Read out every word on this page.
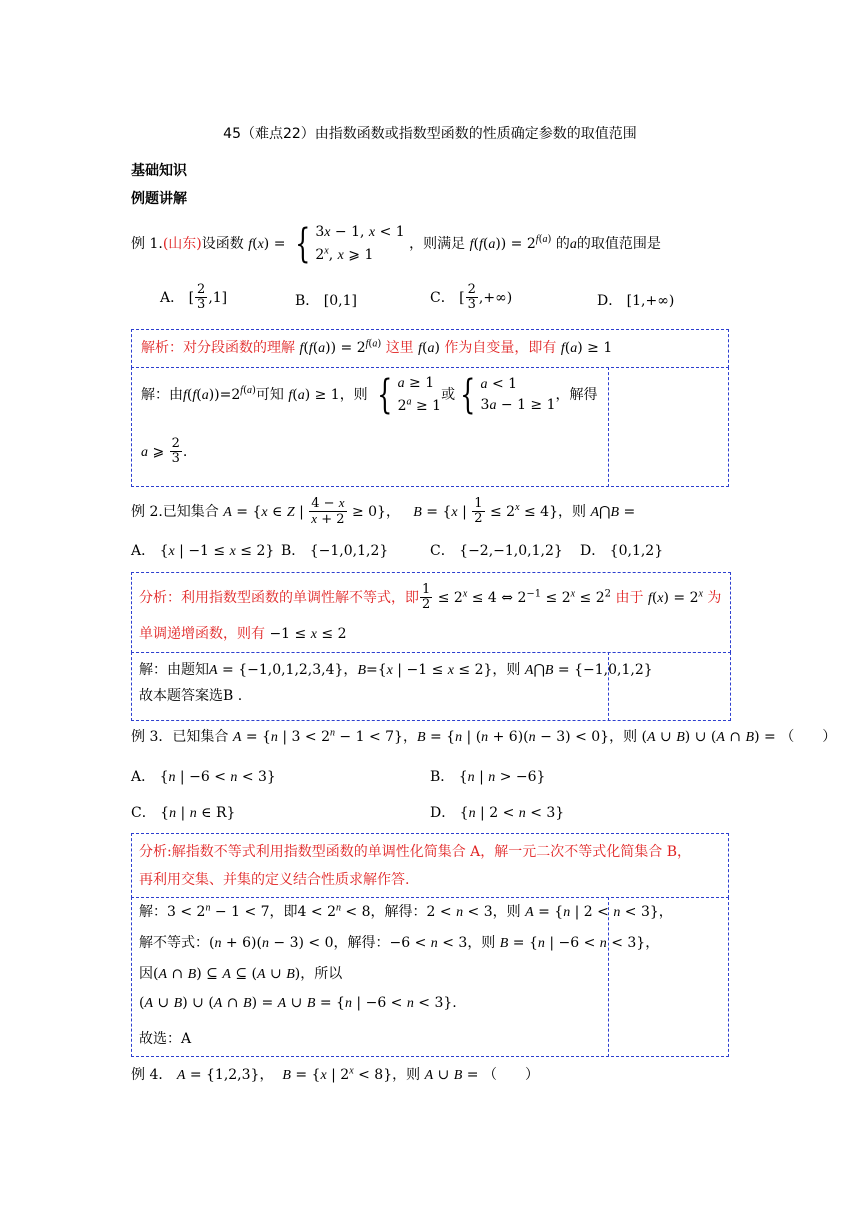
45（难点22）由指数函数或指数型函数的性质确定参数的取值范围
基础知识
例题讲解
例 1.(山东)设函数 f(x) = { 3x − 1, x < 1
2$^x$, x ⩾ 1 ，则满足 $f(f(a)) = 2^{f(a)}$ 的a的取值范围是
A． [ $\frac{2}{3} ,1$]	B． [0,1]	C． [ $\frac{2}{3}$ ,+∞)	D． [1,+∞)
解析：对分段函数的理解 $f(f(a)) = 2^{f(a)}$ 这里 f(a) 作为自变量，即有 f(a) ≥ 1
解：由$f(f(a))=2^{f(a)}$可知 f(a) ≥ 1，则 { a ≥ 1
$2^a \ge 1$或 { a < 1
3a − 1 ≥ 1，解得
a ⩾ $\frac{2}{3}$ .
例 2.已知集合 A = {x ∈ Z | $\frac{4 - x}{x + 2} \ge 0$}，   B = {x | $\frac{1}{2} \le 2^x \le 4$}，则 A⋂B =
A． {x | −1 ≤ x ≤ 2} B． {−1,0,1,2}	C． {−2,−1,0,1,2} D． {0,1,2}
分析：利用指数型函数的单调性解不等式，即 $\frac{1}{2} \le 2^x \le 4$ ⇔ $2^{-1} \le 2^x \le 2^2$ 由于 $f(x) = 2^x$ 为
单调递增函数，则有 −1 ≤ x ≤ 2
解：由题知A = {−1,0,1,2,3,4}，B={x | −1 ≤ x ≤ 2}，则 A⋂B = {−1,0,1,2}
故本题答案选B .
例 3．已知集合 A = {n | $3 < 2^n - 1 < 7$}，B = {n | (n + 6)(n − 3) < 0}，则 (A ∪ B) ∪ (A ∩ B) = （　　）
A． {n | −6 < n < 3}	B． {n | n > −6}
C． {n | n ∈ R}	D． {n | 2 < n < 3}
分析:解指数不等式利用指数型函数的单调性化简集合 A，解一元二次不等式化简集合 B，
再利用交集、并集的定义结合性质求解作答.
解：$3 < 2^n - 1 < 7$，即$4 < 2^n < 8$，解得：2 < n < 3，则 A = {n | 2 < n < 3}，
解不等式：(n + 6)(n − 3) < 0，解得：−6 < n < 3，则 B = {n | −6 < n < 3}，
因(A ∩ B) ⊆ A ⊆ (A ∪ B)，所以
(A ∪ B) ∪ (A ∩ B) = A ∪ B = {n | −6 < n < 3}.
故选：A
例 4． A = {1,2,3}，  B = {x | $2^x < 8$}，则 A ∪ B = （　　）
